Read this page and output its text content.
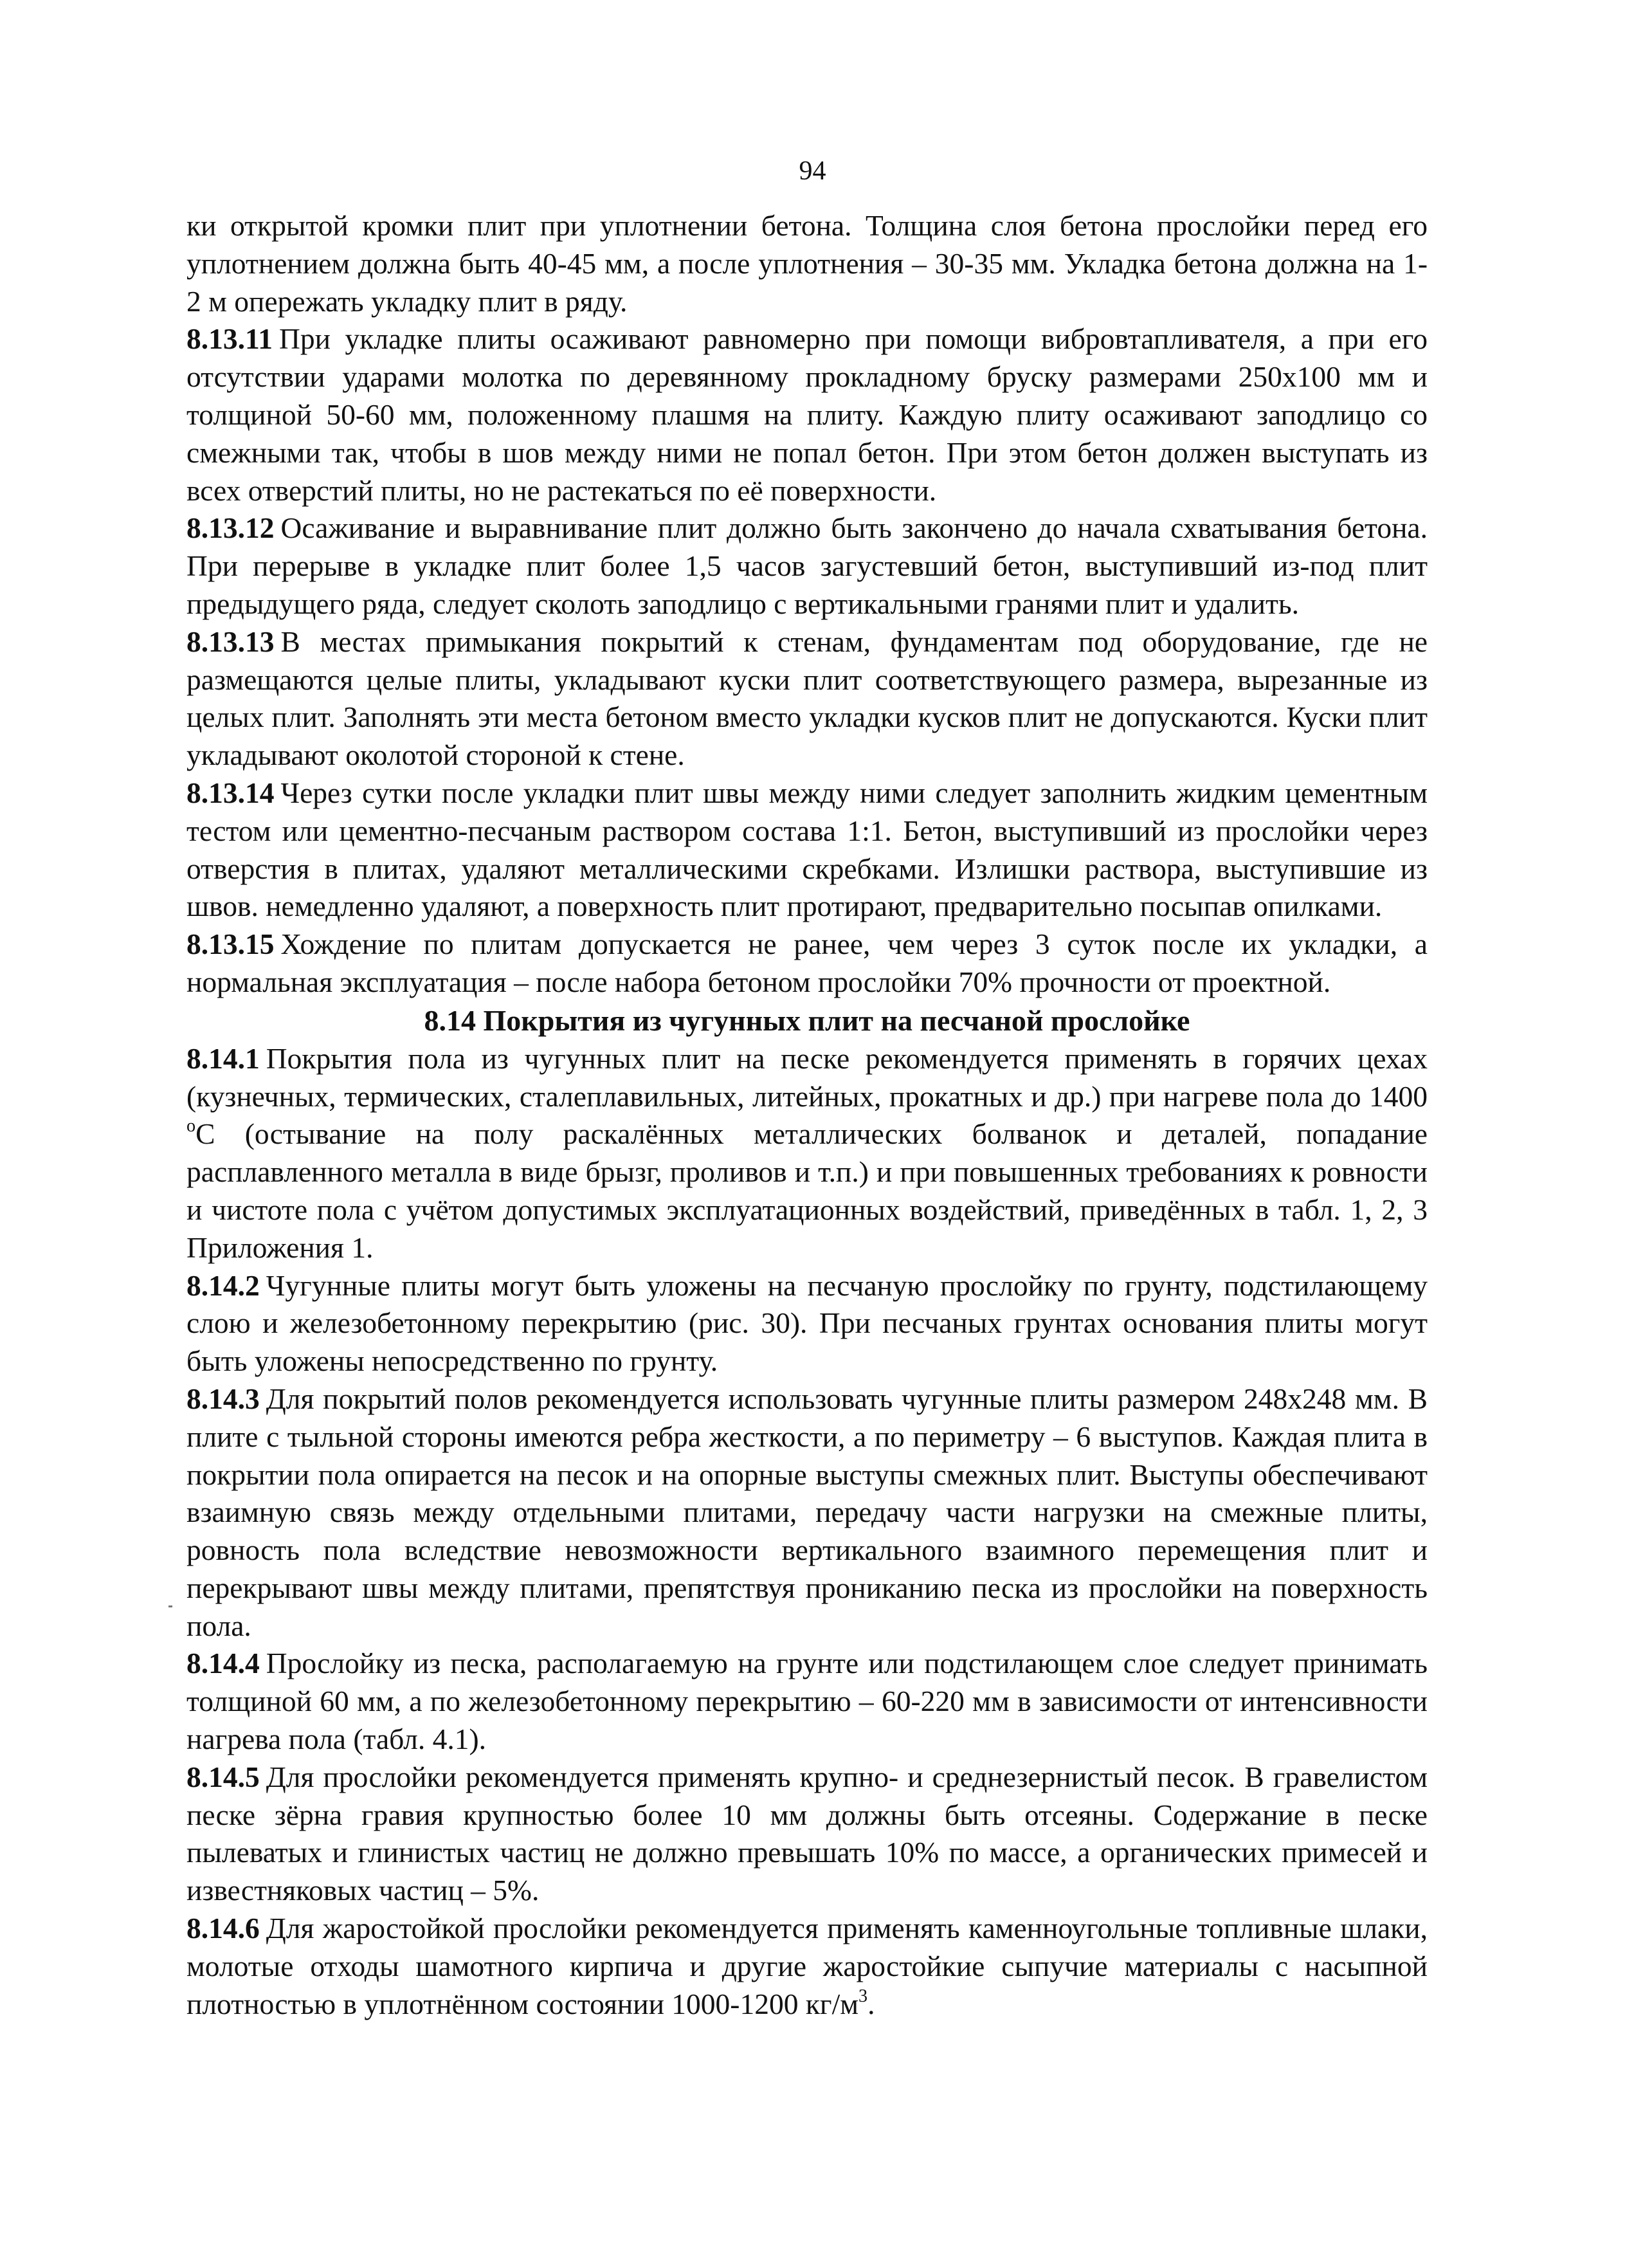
94

ки открытой кромки плит при уплотнении бетона. Толщина слоя бетона прослойки перед его уплотнением должна быть 40-45 мм, а после уплотнения – 30-35 мм. Укладка бетона должна на 1-2 м опережать укладку плит в ряду.

8.13.11 При укладке плиты осаживают равномерно при помощи вибровтапливателя, а при его отсутствии ударами молотка по деревянному прокладному бруску размерами 250х100 мм и толщиной 50-60 мм, положенному плашмя на плиту. Каждую плиту осаживают заподлицо со смежными так, чтобы в шов между ними не попал бетон. При этом бетон должен выступать из всех отверстий плиты, но не растекаться по её поверхности.

8.13.12 Осаживание и выравнивание плит должно быть закончено до начала схватывания бетона. При перерыве в укладке плит более 1,5 часов загустевший бетон, выступивший из-под плит предыдущего ряда, следует сколоть заподлицо с вертикальными гранями плит и удалить.

8.13.13 В местах примыкания покрытий к стенам, фундаментам под оборудование, где не размещаются целые плиты, укладывают куски плит соответствующего размера, вырезанные из целых плит. Заполнять эти места бетоном вместо укладки кусков плит не допускаются. Куски плит укладывают околотой стороной к стене.

8.13.14 Через сутки после укладки плит швы между ними следует заполнить жидким цементным тестом или цементно-песчаным раствором состава 1:1. Бетон, выступивший из прослойки через отверстия в плитах, удаляют металлическими скребками. Излишки раствора, выступившие из швов. немедленно удаляют, а поверхность плит протирают, предварительно посыпав опилками.

8.13.15 Хождение по плитам допускается не ранее, чем через 3 суток после их укладки, а нормальная эксплуатация – после набора бетоном прослойки 70% прочности от проектной.

8.14 Покрытия из чугунных плит на песчаной прослойке

8.14.1 Покрытия пола из чугунных плит на песке рекомендуется применять в горячих цехах (кузнечных, термических, сталеплавильных, литейных, прокатных и др.) при нагреве пола до 1400 $^o$С (остывание на полу раскалённых металлических болванок и деталей, попадание расплавленного металла в виде брызг, проливов и т.п.) и при повышенных требованиях к ровности и чистоте пола с учётом допустимых эксплуатационных воздействий, приведённых в табл. 1, 2, 3 Приложения 1.

8.14.2 Чугунные плиты могут быть уложены на песчаную прослойку по грунту, подстилающему слою и железобетонному перекрытию (рис. 30). При песчаных грунтах основания плиты могут быть уложены непосредственно по грунту.

8.14.3 Для покрытий полов рекомендуется использовать чугунные плиты размером 248х248 мм. В плите с тыльной стороны имеются ребра жесткости, а по периметру – 6 выступов. Каждая плита в покрытии пола опирается на песок и на опорные выступы смежных плит. Выступы обеспечивают взаимную связь между отдельными плитами, передачу части нагрузки на смежные плиты, ровность пола вследствие невозможности вертикального взаимного перемещения плит и перекрывают швы между плитами, препятствуя прониканию песка из прослойки на поверхность пола.

8.14.4 Прослойку из песка, располагаемую на грунте или подстилающем слое следует принимать толщиной 60 мм, а по железобетонному перекрытию – 60-220 мм в зависимости от интенсивности нагрева пола (табл. 4.1).

8.14.5 Для прослойки рекомендуется применять крупно- и среднезернистый песок. В гравелистом песке зёрна гравия крупностью более 10 мм должны быть отсеяны. Содержание в песке пылеватых и глинистых частиц не должно превышать 10% по массе, а органических примесей и известняковых частиц – 5%.

8.14.6 Для жаростойкой прослойки рекомендуется применять каменноугольные топливные шлаки, молотые отходы шамотного кирпича и другие жаростойкие сыпучие материалы с насыпной плотностью в уплотнённом состоянии 1000-1200 $кг/м^3$.
